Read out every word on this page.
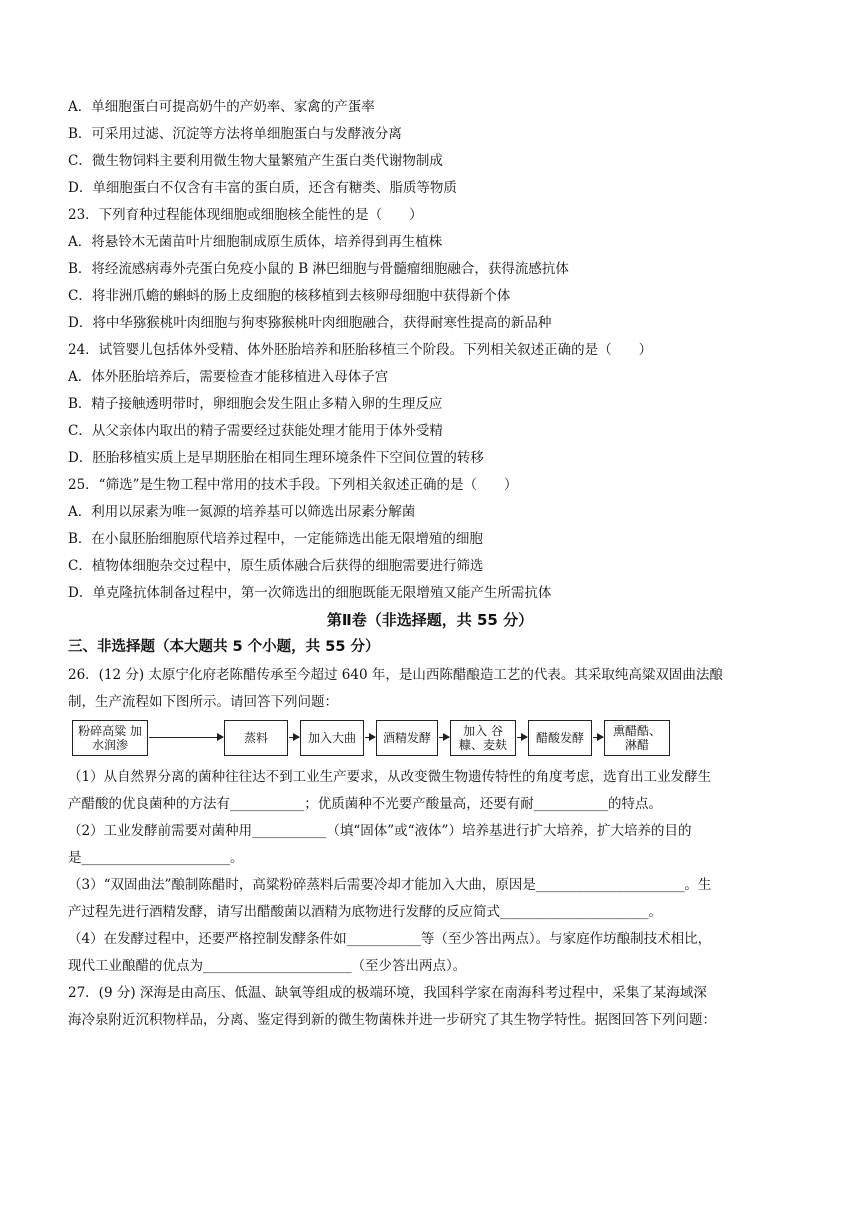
A．单细胞蛋白可提高奶牛的产奶率、家禽的产蛋率
B．可采用过滤、沉淀等方法将单细胞蛋白与发酵液分离
C．微生物饲料主要利用微生物大量繁殖产生蛋白类代谢物制成
D．单细胞蛋白不仅含有丰富的蛋白质，还含有糖类、脂质等物质
23．下列育种过程能体现细胞或细胞核全能性的是（　　）
A．将悬铃木无菌苗叶片细胞制成原生质体，培养得到再生植株
B．将经流感病毒外壳蛋白免疫小鼠的 B 淋巴细胞与骨髓瘤细胞融合，获得流感抗体
C．将非洲爪蟾的蝌蚪的肠上皮细胞的核移植到去核卵母细胞中获得新个体
D．将中华猕猴桃叶肉细胞与狗枣猕猴桃叶肉细胞融合，获得耐寒性提高的新品种
24．试管婴儿包括体外受精、体外胚胎培养和胚胎移植三个阶段。下列相关叙述正确的是（　　）
A．体外胚胎培养后，需要检查才能移植进入母体子宫
B．精子接触透明带时，卵细胞会发生阻止多精入卵的生理反应
C．从父亲体内取出的精子需要经过获能处理才能用于体外受精
D．胚胎移植实质上是早期胚胎在相同生理环境条件下空间位置的转移
25．“筛选”是生物工程中常用的技术手段。下列相关叙述正确的是（　　）
A．利用以尿素为唯一氮源的培养基可以筛选出尿素分解菌
B．在小鼠胚胎细胞原代培养过程中，一定能筛选出能无限增殖的细胞
C．植物体细胞杂交过程中，原生质体融合后获得的细胞需要进行筛选
D．单克隆抗体制备过程中，第一次筛选出的细胞既能无限增殖又能产生所需抗体
第Ⅱ卷（非选择题，共 55 分）
三、非选择题（本大题共 5 个小题，共 55 分）
26．(12 分) 太原宁化府老陈醋传承至今超过 640 年，是山西陈醋酿造工艺的代表。其采取纯高粱双固曲法酿
制，生产流程如下图所示。请回答下列问题：
粉碎高粱 加水润渗	蒸料	加入大曲	酒精发酵	加入 谷糠、麦麸	醋酸发酵	熏醋酷、 淋醋
（1）从自然界分离的菌种往往达不到工业生产要求，从改变微生物遗传特性的角度考虑，选育出工业发酵生
产醋酸的优良菌种的方法有___________；优质菌种不光要产酸量高，还要有耐___________的特点。
（2）工业发酵前需要对菌种用___________（填“固体”或“液体”）培养基进行扩大培养，扩大培养的目的
是______________________。
（3）“双固曲法”酿制陈醋时，高粱粉碎蒸料后需要冷却才能加入大曲，原因是______________________。生
产过程先进行酒精发酵，请写出醋酸菌以酒精为底物进行发酵的反应简式______________________。
（4）在发酵过程中，还要严格控制发酵条件如___________等（至少答出两点）。与家庭作坊酿制技术相比，
现代工业酿醋的优点为______________________（至少答出两点）。
27．(9 分) 深海是由高压、低温、缺氧等组成的极端环境，我国科学家在南海科考过程中，采集了某海域深
海冷泉附近沉积物样品，分离、鉴定得到新的微生物菌株并进一步研究了其生物学特性。据图回答下列问题：
